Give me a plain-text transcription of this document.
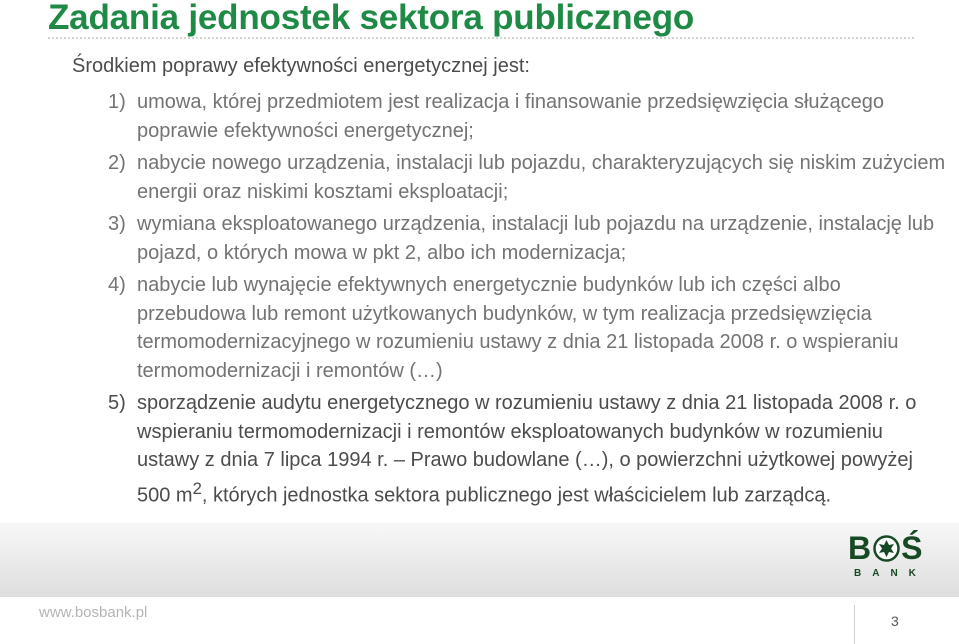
Zadania jednostek sektora publicznego

Środkiem poprawy efektywności energetycznej jest:

1) umowa, której przedmiotem jest realizacja i finansowanie przedsięwzięcia służącego poprawie efektywności energetycznej;
2) nabycie nowego urządzenia, instalacji lub pojazdu, charakteryzujących się niskim zużyciem energii oraz niskimi kosztami eksploatacji;
3) wymiana eksploatowanego urządzenia, instalacji lub pojazdu na urządzenie, instalację lub pojazd, o których mowa w pkt 2, albo ich modernizacja;
4) nabycie lub wynajęcie efektywnych energetycznie budynków lub ich części albo przebudowa lub remont użytkowanych budynków, w tym realizacja przedsięwzięcia termomodernizacyjnego w rozumieniu ustawy z dnia 21 listopada 2008 r. o wspieraniu termomodernizacji i remontów (…)
5) sporządzenie audytu energetycznego w rozumieniu ustawy z dnia 21 listopada 2008 r. o wspieraniu termomodernizacji i remontów eksploatowanych budynków w rozumieniu ustawy z dnia 7 lipca 1994 r. – Prawo budowlane (…), o powierzchni użytkowej powyżej 500 $m^2$, których jednostka sektora publicznego jest właścicielem lub zarządcą.
B Ś
BANK
www.bosbank.pl	3
